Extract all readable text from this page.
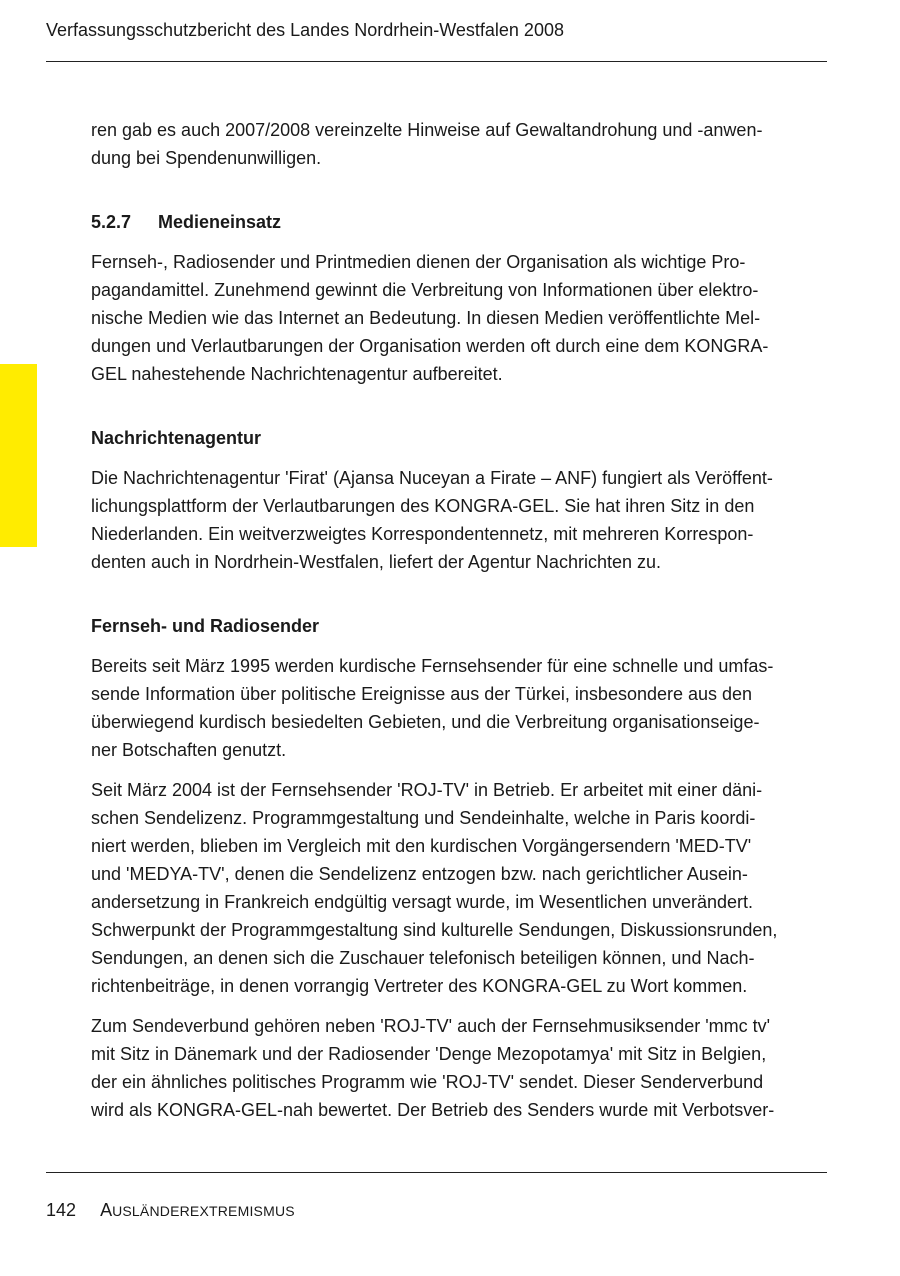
Verfassungsschutzbericht des Landes Nordrhein-Westfalen 2008

ren gab es auch 2007/2008 vereinzelte Hinweise auf Gewaltandrohung und -anwen-
dung bei Spendenunwilligen.

5.2.7 Medieneinsatz

Fernseh-, Radiosender und Printmedien dienen der Organisation als wichtige Pro-
pagandamittel. Zunehmend gewinnt die Verbreitung von Informationen über elektro-
nische Medien wie das Internet an Bedeutung. In diesen Medien veröffentlichte Mel-
dungen und Verlautbarungen der Organisation werden oft durch eine dem KONGRA-
GEL nahestehende Nachrichtenagentur aufbereitet.

Nachrichtenagentur

Die Nachrichtenagentur 'Firat' (Ajansa Nuceyan a Firate – ANF) fungiert als Veröffent-
lichungsplattform der Verlautbarungen des KONGRA-GEL. Sie hat ihren Sitz in den
Niederlanden. Ein weitverzweigtes Korrespondentennetz, mit mehreren Korrespon-
denten auch in Nordrhein-Westfalen, liefert der Agentur Nachrichten zu.

Fernseh- und Radiosender

Bereits seit März 1995 werden kurdische Fernsehsender für eine schnelle und umfas-
sende Information über politische Ereignisse aus der Türkei, insbesondere aus den
überwiegend kurdisch besiedelten Gebieten, und die Verbreitung organisationseige-
ner Botschaften genutzt.

Seit März 2004 ist der Fernsehsender 'ROJ-TV' in Betrieb. Er arbeitet mit einer däni-
schen Sendelizenz. Programmgestaltung und Sendeinhalte, welche in Paris koordi-
niert werden, blieben im Vergleich mit den kurdischen Vorgängersendern 'MED-TV'
und 'MEDYA-TV', denen die Sendelizenz entzogen bzw. nach gerichtlicher Ausein-
andersetzung in Frankreich endgültig versagt wurde, im Wesentlichen unverändert.
Schwerpunkt der Programmgestaltung sind kulturelle Sendungen, Diskussionsrunden,
Sendungen, an denen sich die Zuschauer telefonisch beteiligen können, und Nach-
richtenbeiträge, in denen vorrangig Vertreter des KONGRA-GEL zu Wort kommen.

Zum Sendeverbund gehören neben 'ROJ-TV' auch der Fernsehmusiksender 'mmc tv'
mit Sitz in Dänemark und der Radiosender 'Denge Mezopotamya' mit Sitz in Belgien,
der ein ähnliches politisches Programm wie 'ROJ-TV' sendet. Dieser Senderverbund
wird als KONGRA-GEL-nah bewertet. Der Betrieb des Senders wurde mit Verbotsver-

142 AUSLÄNDEREXTREMISMUS
